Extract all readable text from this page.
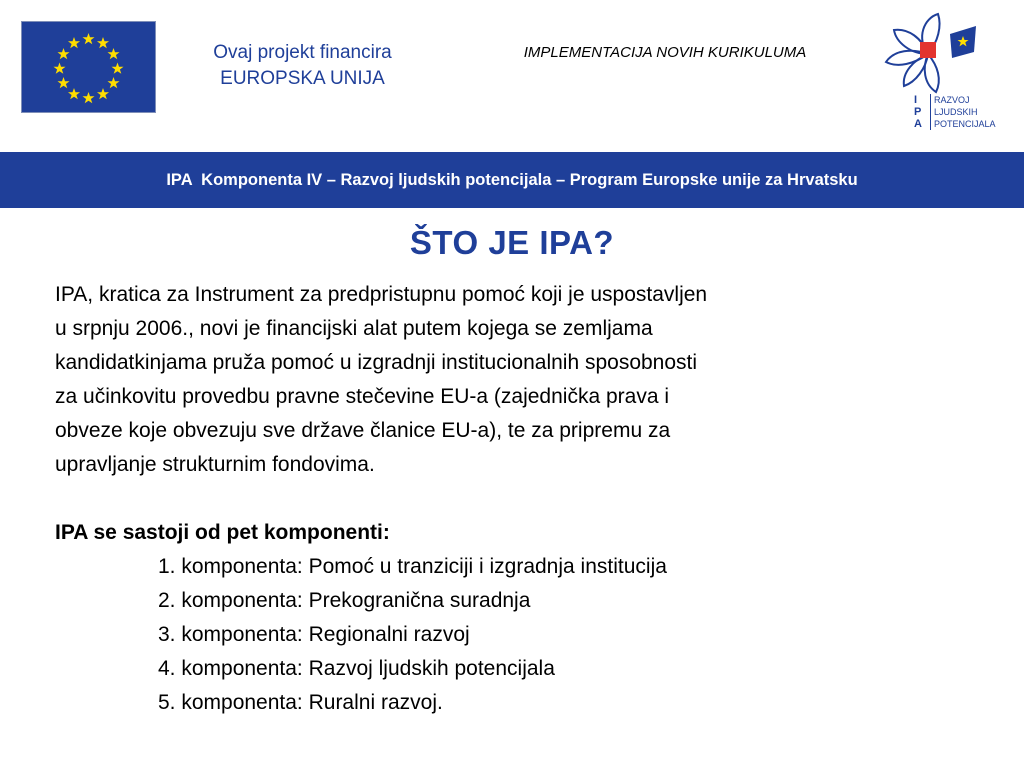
Ovaj projekt financira
EUROPSKA UNIJA
IMPLEMENTACIJA NOVIH KURIKULUMA
I
P
A
RAZVOJ
LJUDSKIH
POTENCIJALA
IPA  Komponenta IV – Razvoj ljudskih potencijala – Program Europske unije za Hrvatsku
ŠTO JE IPA?

IPA, kratica za Instrument za predpristupnu pomoć koji je uspostavljen

u srpnju 2006., novi je financijski alat putem kojega se zemljama

kandidatkinjama pruža pomoć u izgradnji institucionalnih sposobnosti

za učinkovitu provedbu pravne stečevine EU-a (zajednička prava i

obveze koje obvezuju sve države članice EU-a), te za pripremu za

upravljanje strukturnim fondovima.

IPA se sastoji od pet komponenti:

1. komponenta: Pomoć u tranziciji i izgradnja institucija
2. komponenta: Prekogranična suradnja
3. komponenta: Regionalni razvoj
4. komponenta: Razvoj ljudskih potencijala
5. komponenta: Ruralni razvoj.
